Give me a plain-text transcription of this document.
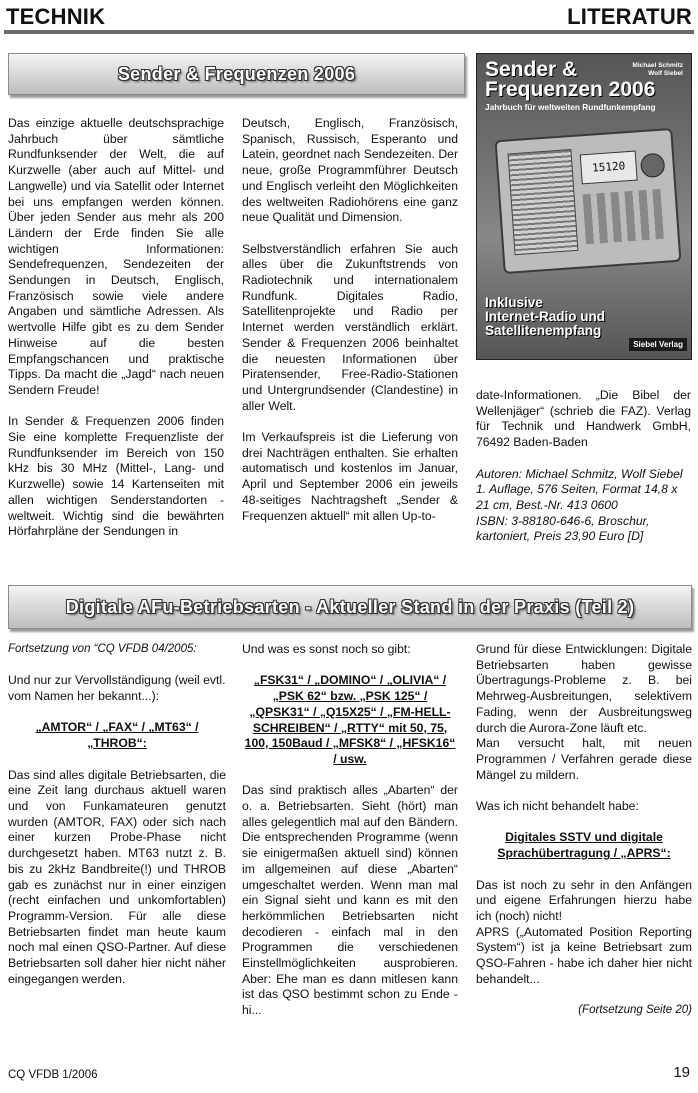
TECHNIK	LITERATUR
Sender & Frequenzen 2006

Das einzige aktuelle deutschsprachige Jahrbuch über sämtliche Rundfunksender der Welt, die auf Kurzwelle (aber auch auf Mittel- und Langwelle) und via Satellit oder Internet bei uns empfangen werden können. Über jeden Sender aus mehr als 200 Ländern der Erde finden Sie alle wichtigen Informationen: Sendefrequenzen, Sendezeiten der Sendungen in Deutsch, Englisch, Französisch sowie viele andere Angaben und sämtliche Adressen. Als wertvolle Hilfe gibt es zu dem Sender Hinweise auf die besten Empfangschancen und praktische Tipps. Da macht die „Jagd“ nach neuen Sendern Freude!

In Sender & Frequenzen 2006 finden Sie eine komplette Frequenzliste der Rundfunksender im Bereich von 150 kHz bis 30 MHz (Mittel-, Lang- und Kurzwelle) sowie 14 Kartenseiten mit allen wichtigen Senderstandorten - weltweit. Wichtig sind die bewährten Hörfahrpläne der Sendungen in

Deutsch, Englisch, Französisch, Spanisch, Russisch, Esperanto und Latein, geordnet nach Sendezeiten. Der neue, große Programmführer Deutsch und Englisch verleiht den Möglichkeiten des weltweiten Radiohörens eine ganz neue Qualität und Dimension.

Selbstverständlich erfahren Sie auch alles über die Zukunftstrends von Radiotechnik und internationalem Rundfunk. Digitales Radio, Satellitenprojekte und Radio per Internet werden verständlich erklärt. Sender & Frequenzen 2006 beinhaltet die neuesten Informationen über Piratensender, Free-Radio-Stationen und Untergrundsender (Clandestine) in aller Welt.

Im Verkaufspreis ist die Lieferung von drei Nachträgen enthalten. Sie erhalten automatisch und kostenlos im Januar, April und September 2006 ein jeweils 48-seitiges Nachtragsheft „Sender & Frequenzen aktuell“ mit allen Up-to-

Sender &
Frequenzen 2006
Michael Schmitz
Wolf Siebel
Jahrbuch für weltweiten Rundfunkempfang
15120
Inklusive
Internet-Radio und
Satellitenempfang
Siebel Verlag

date-Informationen. „Die Bibel der Wellenjäger“ (schrieb die FAZ). Verlag für Technik und Handwerk GmbH, 76492 Baden-Baden

Autoren: Michael Schmitz, Wolf Siebel
1. Auflage, 576 Seiten, Format 14,8 x 21 cm, Best.-Nr. 413 0600
ISBN: 3-88180-646-6, Broschur, kartoniert, Preis 23,90 Euro [D]
Digitale AFu-Betriebsarten - Aktueller Stand in der Praxis (Teil 2)

Fortsetzung von “CQ VFDB 04/2005:

Und nur zur Vervollständigung (weil evtl. vom Namen her bekannt...):

„AMTOR“ / „FAX“ / „MT63“ / „THROB“:

Das sind alles digitale Betriebsarten, die eine Zeit lang durchaus aktuell waren und von Funkamateuren genutzt wurden (AMTOR, FAX) oder sich nach einer kurzen Probe-Phase nicht durchgesetzt haben. MT63 nutzt z. B. bis zu 2kHz Bandbreite(!) und THROB gab es zunächst nur in einer einzigen (recht einfachen und unkomfortablen) Programm-Version. Für alle diese Betriebsarten findet man heute kaum noch mal einen QSO-Partner. Auf diese Betriebsarten soll daher hier nicht näher eingegangen werden.

Und was es sonst noch so gibt:

„FSK31“ / „DOMINO“ / „OLIVIA“ / „PSK 62“ bzw. „PSK 125“ / „QPSK31“ / „Q15X25“ / „FM-HELL-SCHREIBEN“ / „RTTY“ mit 50, 75, 100, 150Baud / „MFSK8“ / „HFSK16“ / usw.

Das sind praktisch alles „Abarten“ der o. a. Betriebsarten. Sieht (hört) man alles gelegentlich mal auf den Bändern. Die entsprechenden Programme (wenn sie einigermaßen aktuell sind) können im allgemeinen auf diese „Abarten“ umgeschaltet werden. Wenn man mal ein Signal sieht und kann es mit den herkömmlichen Betriebsarten nicht decodieren - einfach mal in den Programmen die verschiedenen Einstellmöglichkeiten ausprobieren. Aber: Ehe man es dann mitlesen kann ist das QSO bestimmt schon zu Ende - hi...

Grund für diese Entwicklungen: Digitale Betriebsarten haben gewisse Übertragungs-Probleme z. B. bei Mehrweg-Ausbreitungen, selektivem Fading, wenn der Ausbreitungsweg durch die Aurora-Zone läuft etc.

Man versucht halt, mit neuen Programmen / Verfahren gerade diese Mängel zu mildern.

Was ich nicht behandelt habe:

Digitales SSTV und digitale Sprachübertragung / „APRS“:

Das ist noch zu sehr in den Anfängen und eigene Erfahrungen hierzu habe ich (noch) nicht!

APRS („Automated Position Reporting System“) ist ja keine Betriebsart zum QSO-Fahren - habe ich daher hier nicht behandelt...

(Fortsetzung Seite 20)

CQ VFDB 1/2006	19
